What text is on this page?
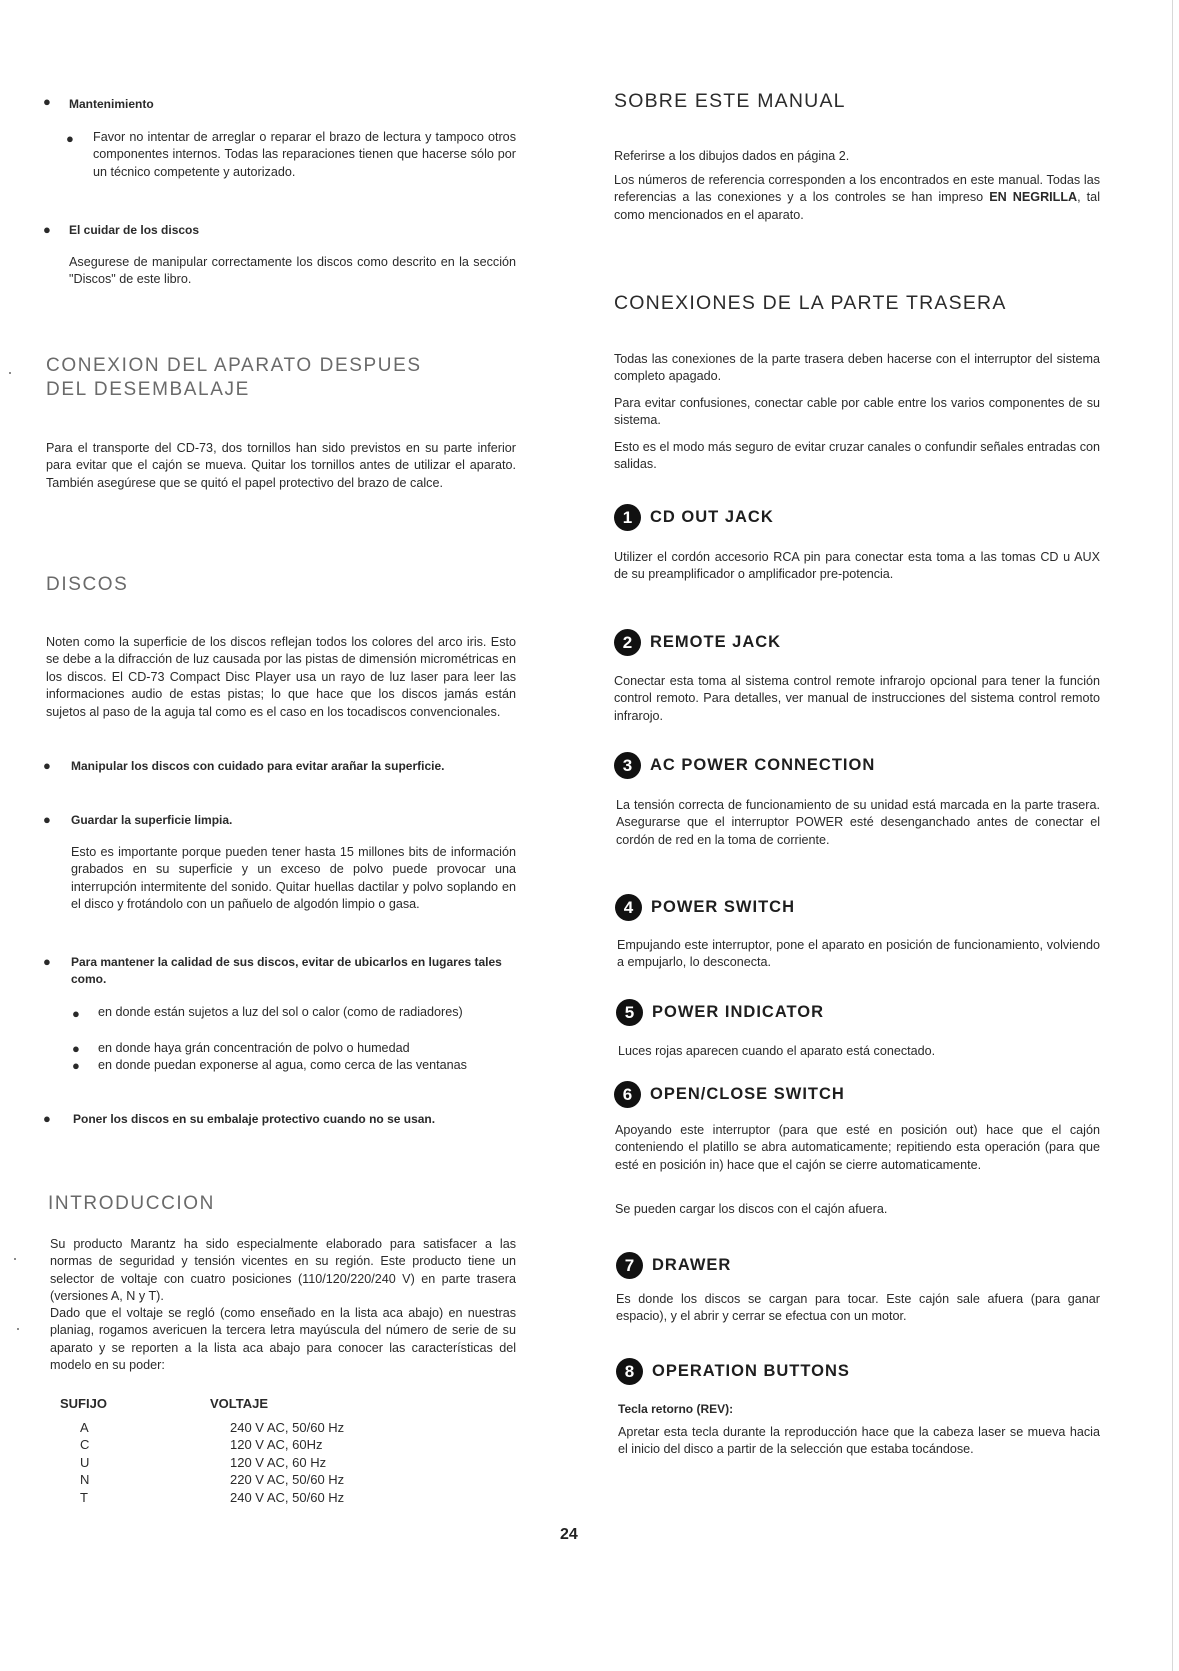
● Mantenimiento

● Favor no intentar de arreglar o reparar el brazo de lectura y tampoco otros componentes internos. Todas las reparaciones tienen que hacerse sólo por un técnico competente y autorizado.

● El cuidar de los discos

Asegurese de manipular correctamente los discos como descrito en la sección "Discos" de este libro.

CONEXION DEL APARATO DESPUES
DEL DESEMBALAJE

Para el transporte del CD-73, dos tornillos han sido previstos en su parte inferior para evitar que el cajón se mueva. Quitar los tornillos antes de utilizar el aparato. También asegúrese que se quitó el papel protectivo del brazo de calce.

DISCOS

Noten como la superficie de los discos reflejan todos los colores del arco iris. Esto se debe a la difracción de luz causada por las pistas de dimensión micrométricas en los discos. El CD-73 Compact Disc Player usa un rayo de luz laser para leer las informaciones audio de estas pistas; lo que hace que los discos jamás están sujetos al paso de la aguja tal como es el caso en los tocadiscos convencionales.

● Manipular los discos con cuidado para evitar arañar la superficie.

● Guardar la superficie limpia.

Esto es importante porque pueden tener hasta 15 millones bits de información grabados en su superficie y un exceso de polvo puede provocar una interrupción intermitente del sonido. Quitar huellas dactilar y polvo soplando en el disco y frotándolo con un pañuelo de algodón limpio o gasa.

● Para mantener la calidad de sus discos, evitar de ubicarlos en lugares tales como.

● en donde están sujetos a luz del sol o calor (como de radiadores)

● en donde haya grán concentración de polvo o humedad

● en donde puedan exponerse al agua, como cerca de las ventanas

● Poner los discos en su embalaje protectivo cuando no se usan.

INTRODUCCION

Su producto Marantz ha sido especialmente elaborado para satisfacer a las normas de seguridad y tensión vicentes en su región. Este producto tiene un selector de voltaje con cuatro posiciones (110/120/220/240 V) en parte trasera (versiones A, N y T).

Dado que el voltaje se regló (como enseñado en la lista aca abajo) en nuestras planiag, rogamos avericuen la tercera letra mayúscula del número de serie de su aparato y se reporten a la lista aca abajo para conocer las características del modelo en su poder:

SUFIJO	VOLTAJE
A	240 V AC, 50/60 Hz
C	120 V AC, 60Hz
U	120 V AC, 60 Hz
N	220 V AC, 50/60 Hz
T	240 V AC, 50/60 Hz
SOBRE ESTE MANUAL

Referirse a los dibujos dados en página 2.

Los números de referencia corresponden a los encontrados en este manual. Todas las referencias a las conexiones y a los controles se han impreso EN NEGRILLA, tal como mencionados en el aparato.

CONEXIONES DE LA PARTE TRASERA

Todas las conexiones de la parte trasera deben hacerse con el interruptor del sistema completo apagado.

Para evitar confusiones, conectar cable por cable entre los varios componentes de su sistema.

Esto es el modo más seguro de evitar cruzar canales o confundir señales entradas con salidas.

1	CD OUT JACK

Utilizer el cordón accesorio RCA pin para conectar esta toma a las tomas CD u AUX de su preamplificador o amplificador pre-potencia.

2	REMOTE JACK

Conectar esta toma al sistema control remote infrarojo opcional para tener la función control remoto. Para detalles, ver manual de instrucciones del sistema control remoto infrarojo.

3	AC POWER CONNECTION

La tensión correcta de funcionamiento de su unidad está marcada en la parte trasera. Asegurarse que el interruptor POWER esté desenganchado antes de conectar el cordón de red en la toma de corriente.

4	POWER SWITCH

Empujando este interruptor, pone el aparato en posición de funcionamiento, volviendo a empujarlo, lo desconecta.

5	POWER INDICATOR

Luces rojas aparecen cuando el aparato está conectado.

6	OPEN/CLOSE SWITCH

Apoyando este interruptor (para que esté en posición out) hace que el cajón conteniendo el platillo se abra automaticamente; repitiendo esta operación (para que esté en posición in) hace que el cajón se cierre automaticamente.

Se pueden cargar los discos con el cajón afuera.

7	DRAWER

Es donde los discos se cargan para tocar. Este cajón sale afuera (para ganar espacio), y el abrir y cerrar se efectua con un motor.

8	OPERATION BUTTONS

Tecla retorno (REV):

Apretar esta tecla durante la reproducción hace que la cabeza laser se mueva hacia el inicio del disco a partir de la selección que estaba tocándose.

24
